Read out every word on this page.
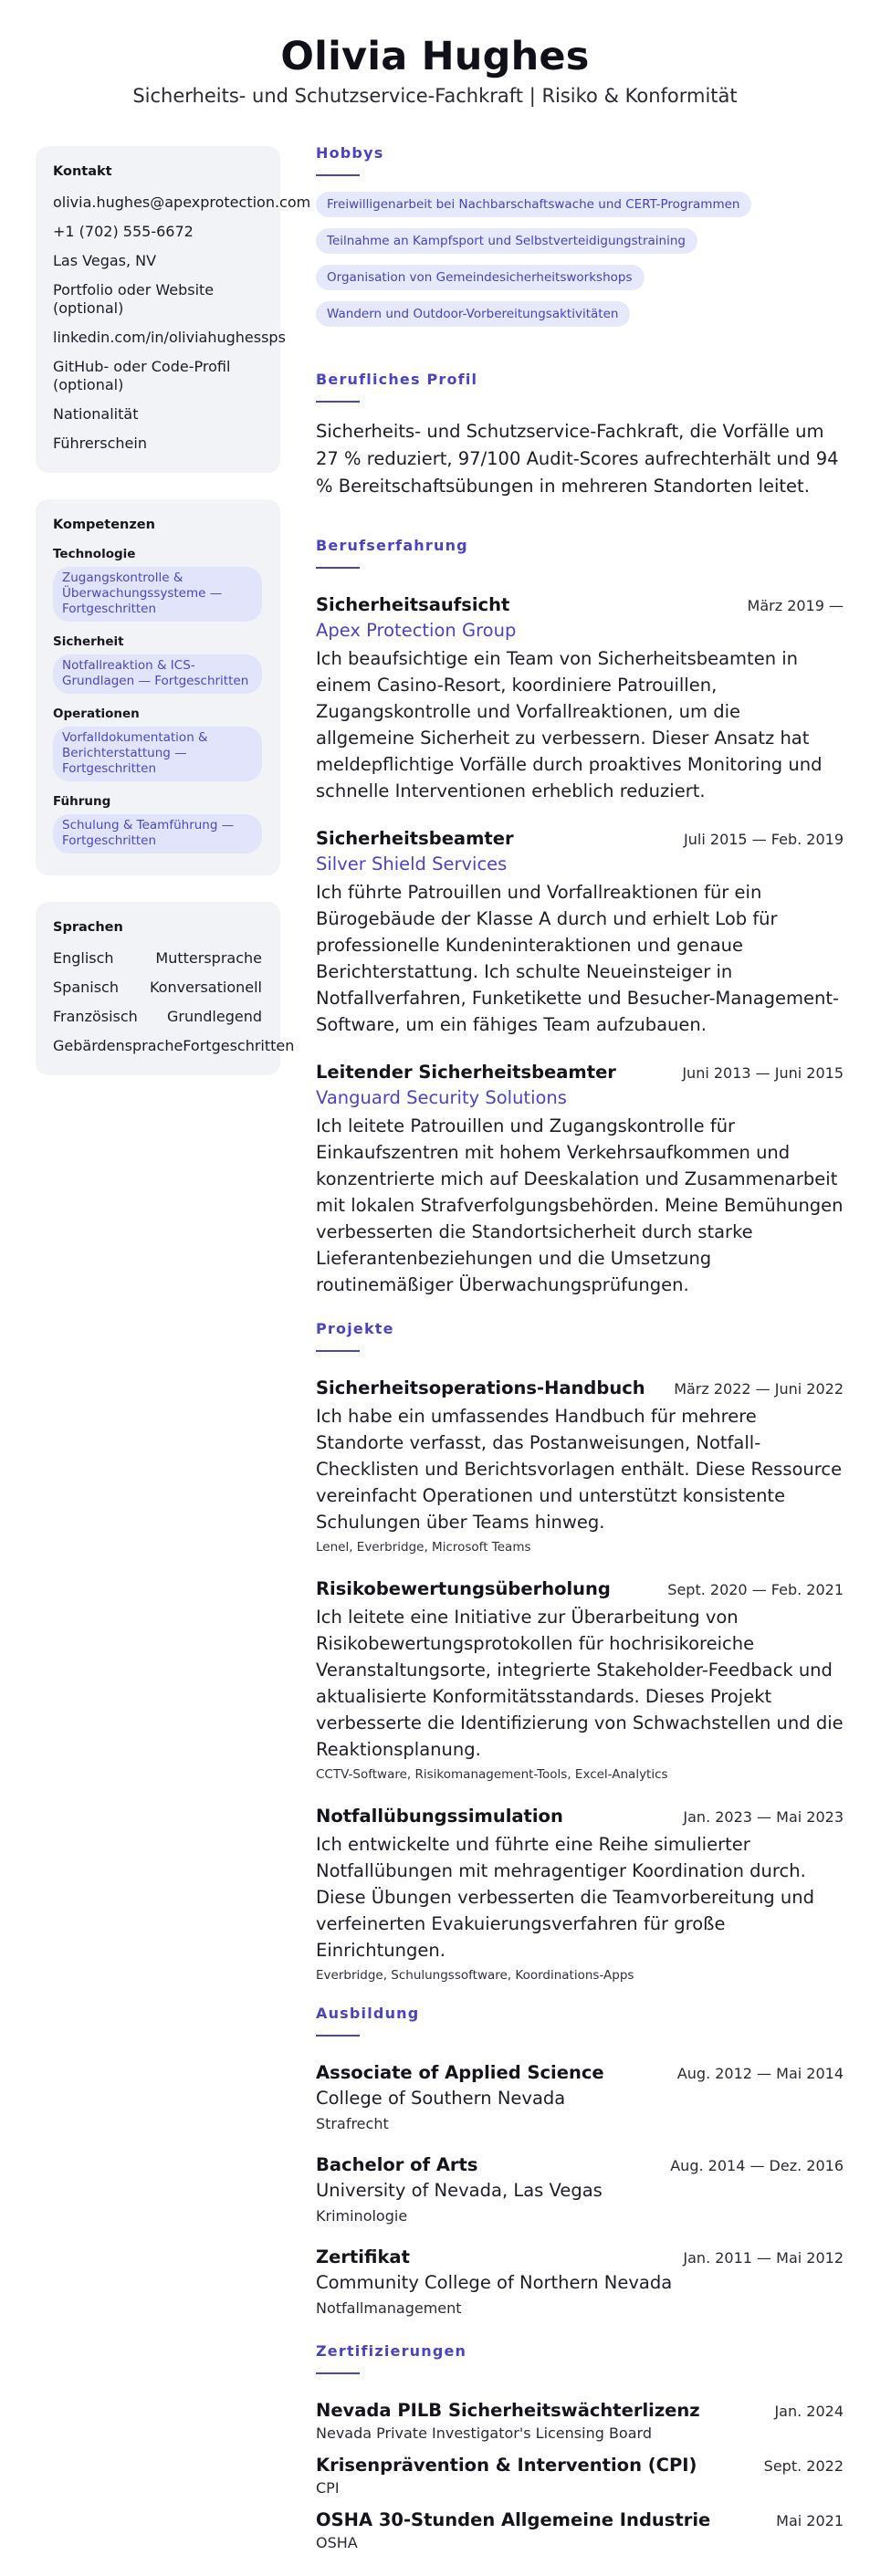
Olivia Hughes
Sicherheits- und Schutzservice-Fachkraft | Risiko & Konformität
Kontakt
olivia.hughes@apexprotection.com
+1 (702) 555-6672
Las Vegas, NV
Portfolio oder Website (optional)
linkedin.com/in/oliviahughessps
GitHub- oder Code-Profil (optional)
Nationalität
Führerschein
Kompetenzen
Technologie
Zugangskontrolle & Überwachungssysteme — Fortgeschritten
Sicherheit
Notfallreaktion & ICS-Grundlagen — Fortgeschritten
Operationen
Vorfalldokumentation & Berichterstattung — Fortgeschritten
Führung
Schulung & Teamführung — Fortgeschritten
Sprachen
Englisch	Muttersprache
Spanisch Konversationell
Französisch Grundlegend
Gebärdensprache Fortgeschritten
Hobbys
Freiwilligenarbeit bei Nachbarschaftswache und CERT-Programmen
Teilnahme an Kampfsport und Selbstverteidigungstraining
Organisation von Gemeindesicherheitsworkshops
Wandern und Outdoor-Vorbereitungsaktivitäten
Berufliches Profil

Sicherheits- und Schutzservice-Fachkraft, die Vorfälle um 27 % reduziert, 97/100 Audit-Scores aufrechterhält und 94 % Bereitschaftsübungen in mehreren Standorten leitet.

Berufserfahrung
Sicherheitsaufsicht	März 2019 —
Apex Protection Group

Ich beaufsichtige ein Team von Sicherheitsbeamten in einem Casino-Resort, koordiniere Patrouillen, Zugangskontrolle und Vorfallreaktionen, um die allgemeine Sicherheit zu verbessern. Dieser Ansatz hat meldepflichtige Vorfälle durch proaktives Monitoring und schnelle Interventionen erheblich reduziert.

Sicherheitsbeamter	Juli 2015 — Feb. 2019
Silver Shield Services

Ich führte Patrouillen und Vorfallreaktionen für ein Bürogebäude der Klasse A durch und erhielt Lob für professionelle Kundeninteraktionen und genaue Berichterstattung. Ich schulte Neueinsteiger in Notfallverfahren, Funketikette und Besucher-Management-Software, um ein fähiges Team aufzubauen.

Leitender Sicherheitsbeamter	Juni 2013 — Juni 2015
Vanguard Security Solutions

Ich leitete Patrouillen und Zugangskontrolle für Einkaufszentren mit hohem Verkehrsaufkommen und konzentrierte mich auf Deeskalation und Zusammenarbeit mit lokalen Strafverfolgungsbehörden. Meine Bemühungen verbesserten die Standortsicherheit durch starke Lieferantenbeziehungen und die Umsetzung routinemäßiger Überwachungsprüfungen.

Projekte
Sicherheitsoperations-Handbuch März 2022 — Juni 2022

Ich habe ein umfassendes Handbuch für mehrere Standorte verfasst, das Postanweisungen, Notfall-Checklisten und Berichtsvorlagen enthält. Diese Ressource vereinfacht Operationen und unterstützt konsistente Schulungen über Teams hinweg.

Lenel, Everbridge, Microsoft Teams
Risikobewertungsüberholung	Sept. 2020 — Feb. 2021

Ich leitete eine Initiative zur Überarbeitung von Risikobewertungsprotokollen für hochrisikoreiche Veranstaltungsorte, integrierte Stakeholder-Feedback und aktualisierte Konformitätsstandards. Dieses Projekt verbesserte die Identifizierung von Schwachstellen und die Reaktionsplanung.

CCTV-Software, Risikomanagement-Tools, Excel-Analytics
Notfallübungssimulation	Jan. 2023 — Mai 2023

Ich entwickelte und führte eine Reihe simulierter Notfallübungen mit mehragentiger Koordination durch. Diese Übungen verbesserten die Teamvorbereitung und verfeinerten Evakuierungsverfahren für große Einrichtungen.

Everbridge, Schulungssoftware, Koordinations-Apps
Ausbildung
Associate of Applied Science	Aug. 2012 — Mai 2014
College of Southern Nevada
Strafrecht
Bachelor of Arts	Aug. 2014 — Dez. 2016
University of Nevada, Las Vegas
Kriminologie
Zertifikat	Jan. 2011 — Mai 2012
Community College of Northern Nevada
Notfallmanagement
Zertifizierungen
Nevada PILB Sicherheitswächterlizenz	Jan. 2024
Nevada Private Investigator's Licensing Board
Krisenprävention & Intervention (CPI)	Sept. 2022
CPI
OSHA 30-Stunden Allgemeine Industrie	Mai 2021
OSHA
